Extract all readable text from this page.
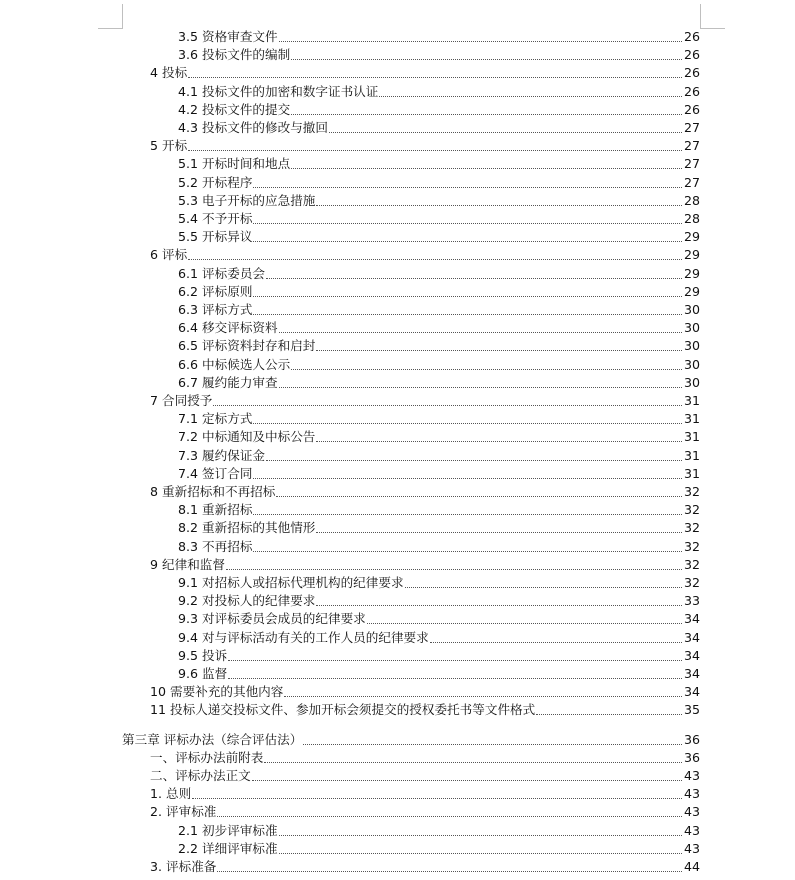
3.5 资格审查文件	26
3.6 投标文件的编制	26
4 投标	26
4.1 投标文件的加密和数字证书认证	26
4.2 投标文件的提交	26
4.3 投标文件的修改与撤回	27
5 开标	27
5.1 开标时间和地点	27
5.2 开标程序	27
5.3 电子开标的应急措施	28
5.4 不予开标	28
5.5 开标异议	29
6 评标	29
6.1 评标委员会	29
6.2 评标原则	29
6.3 评标方式	30
6.4 移交评标资料	30
6.5 评标资料封存和启封	30
6.6 中标候选人公示	30
6.7 履约能力审查	30
7 合同授予	31
7.1 定标方式	31
7.2 中标通知及中标公告	31
7.3 履约保证金	31
7.4 签订合同	31
8 重新招标和不再招标	32
8.1 重新招标	32
8.2 重新招标的其他情形	32
8.3 不再招标	32
9 纪律和监督	32
9.1 对招标人或招标代理机构的纪律要求	32
9.2 对投标人的纪律要求	33
9.3 对评标委员会成员的纪律要求	34
9.4 对与评标活动有关的工作人员的纪律要求	34
9.5 投诉	34
9.6 监督	34
10 需要补充的其他内容	34
11 投标人递交投标文件、参加开标会须提交的授权委托书等文件格式	35
第三章 评标办法（综合评估法）	36
一、评标办法前附表	36
二、评标办法正文	43
1. 总则	43
2. 评审标准	43
2.1 初步评审标准	43
2.2 详细评审标准	43
3. 评标准备	44
